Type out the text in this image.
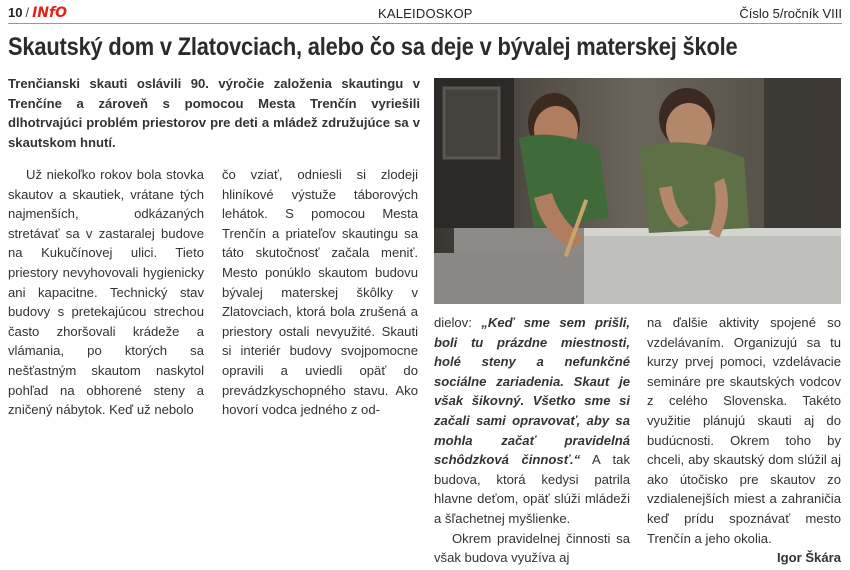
10 / INfO	KALEIDOSKOP	Číslo 5/ročník VIII
Skautský dom v Zlatovciach, alebo čo sa deje v bývalej materskej škole
Trenčianski skauti oslávili 90. výročie založenia skautingu v Trenčíne a zároveň s pomocou Mesta Trenčín vyriešili dlhotrvajúci problém priestorov pre deti a mládež združujúce sa v skautskom hnutí.

Už niekoľko rokov bola stovka skautov a skautiek, vrátane tých najmenších, odkázaných stretávať sa v zastaralej budove na Kukučínovej ulici. Tieto priestory nevyhovovali hygienicky ani kapacitne. Technický stav budovy s pretekajúcou strechou často zhoršovali krádeže a vlámania, po ktorých sa nešťastným skautom naskytol pohľad na obhorené steny a zničený nábytok. Keď už nebolo

čo vziať, odniesli si zlodeji hliníkové výstuže táborových lehátok. S pomocou Mesta Trenčín a priateľov skautingu sa táto skutočnosť začala meniť. Mesto ponúklo skautom budovu bývalej materskej škôlky v Zlatovciach, ktorá bola zrušená a priestory ostali nevyužité. Skauti si interiér budovy svojpomocne opravili a uviedli opäť do prevádzkyschopného stavu. Ako hovorí vodca jedného z od-

dielov: „Keď sme sem prišli, boli tu prázdne miestnosti, holé steny a nefunkčné sociálne zariadenia. Skaut je však šikovný. Všetko sme si začali sami opravovať, aby sa mohla začať pravidelná schôdzková činnosť.“ A tak budova, ktorá kedysi patrila hlavne deťom, opäť slúži mládeži a šľachetnej myšlienke.

Okrem pravidelnej činnosti sa však budova využíva aj

na ďalšie aktivity spojené so vzdelávaním. Organizujú sa tu kurzy prvej pomoci, vzdelávacie semináre pre skautských vodcov z celého Slovenska. Takéto využitie plánujú skauti aj do budúcnosti. Okrem toho by chceli, aby skautský dom slúžil aj ako útočisko pre skautov zo vzdialenejších miest a zahraničia keď prídu spoznávať mesto Trenčín a jeho okolia.

Igor Škára
